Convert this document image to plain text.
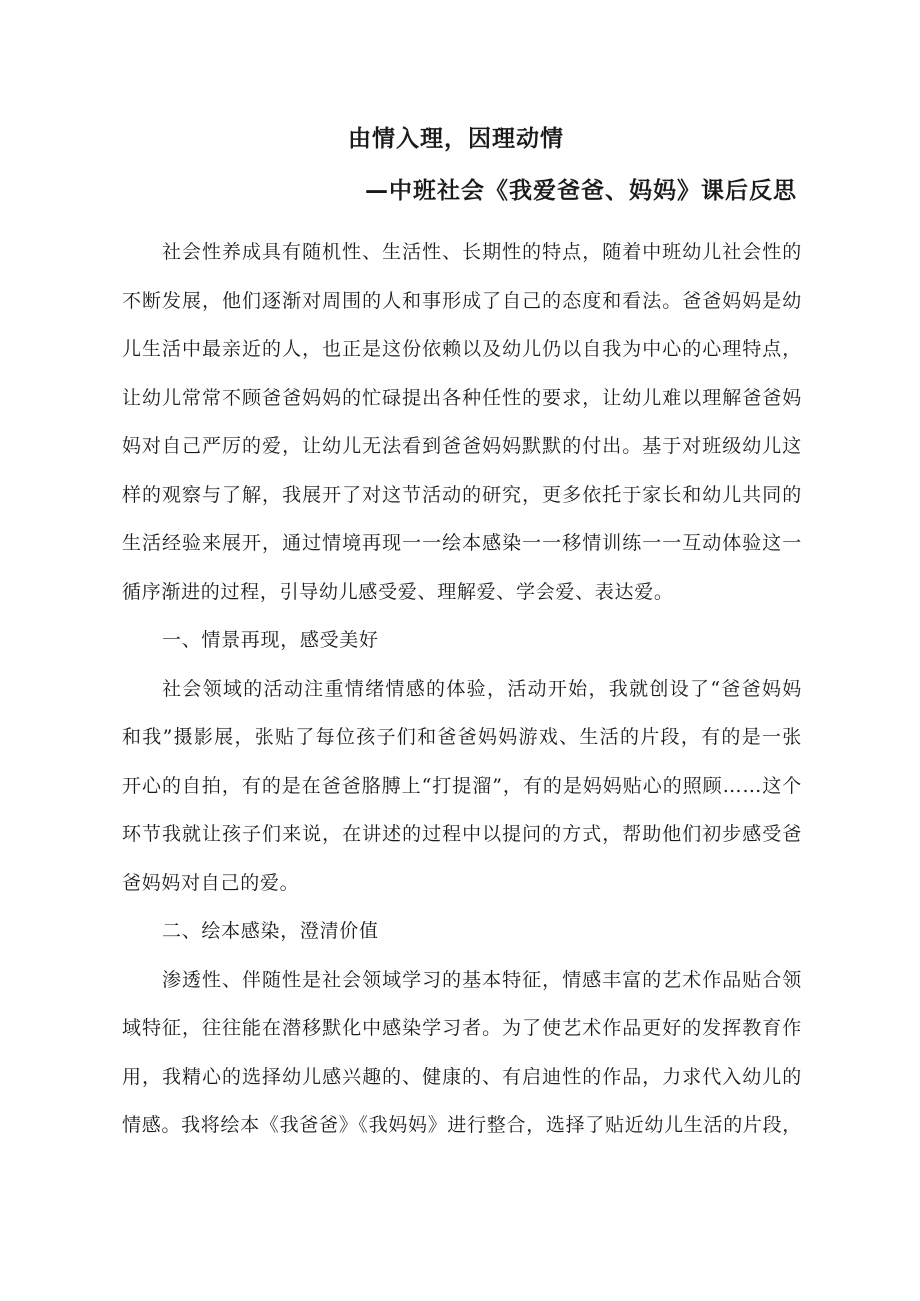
由情入理，因理动情
—中班社会《我爱爸爸、妈妈》课后反思

社会性养成具有随机性、生活性、长期性的特点，随着中班幼儿社会性的不断发展，他们逐渐对周围的人和事形成了自己的态度和看法。爸爸妈妈是幼儿生活中最亲近的人，也正是这份依赖以及幼儿仍以自我为中心的心理特点，让幼儿常常不顾爸爸妈妈的忙碌提出各种任性的要求，让幼儿难以理解爸爸妈妈对自己严厉的爱，让幼儿无法看到爸爸妈妈默默的付出。基于对班级幼儿这样的观察与了解，我展开了对这节活动的研究，更多依托于家长和幼儿共同的生活经验来展开，通过情境再现一一绘本感染一一移情训练一一互动体验这一循序渐进的过程，引导幼儿感受爱、理解爱、学会爱、表达爱。

一、情景再现，感受美好

社会领域的活动注重情绪情感的体验，活动开始，我就创设了“爸爸妈妈和我”摄影展，张贴了每位孩子们和爸爸妈妈游戏、生活的片段，有的是一张开心的自拍，有的是在爸爸胳膊上“打提溜”，有的是妈妈贴心的照顾……这个环节我就让孩子们来说，在讲述的过程中以提问的方式，帮助他们初步感受爸爸妈妈对自己的爱。

二、绘本感染，澄清价值

渗透性、伴随性是社会领域学习的基本特征，情感丰富的艺术作品贴合领域特征，往往能在潜移默化中感染学习者。为了使艺术作品更好的发挥教育作用，我精心的选择幼儿感兴趣的、健康的、有启迪性的作品，力求代入幼儿的情感。我将绘本《我爸爸》《我妈妈》进行整合，选择了贴近幼儿生活的片段，
